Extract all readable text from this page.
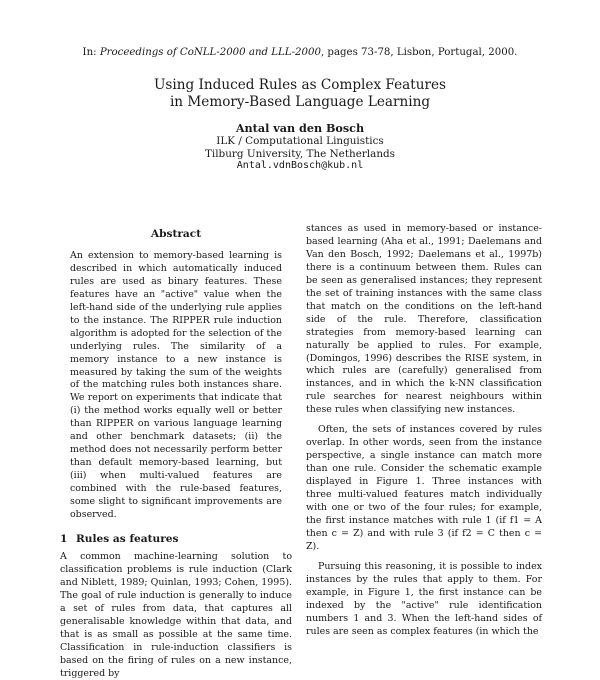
In: Proceedings of CoNLL-2000 and LLL-2000, pages 73-78, Lisbon, Portugal, 2000.
Using Induced Rules as Complex Features
in Memory-Based Language Learning
Antal van den Bosch
ILK / Computational Linguistics
Tilburg University, The Netherlands
Antal.vdnBosch@kub.nl
Abstract

An extension to memory-based learning is described in which automatically induced rules are used as binary features. These features have an "active" value when the left-hand side of the underlying rule applies to the instance. The RIPPER rule induction algorithm is adopted for the selection of the underlying rules. The similarity of a memory instance to a new instance is measured by taking the sum of the weights of the matching rules both instances share. We report on experiments that indicate that (i) the method works equally well or better than RIPPER on various language learning and other benchmark datasets; (ii) the method does not necessarily perform better than default memory-based learning, but (iii) when multi-valued features are combined with the rule-based features, some slight to significant improvements are observed.

1 Rules as features

A common machine-learning solution to classification problems is rule induction (Clark and Niblett, 1989; Quinlan, 1993; Cohen, 1995). The goal of rule induction is generally to induce a set of rules from data, that captures all generalisable knowledge within that data, and that is as small as possible at the same time. Classification in rule-induction classifiers is based on the firing of rules on a new instance, triggered by

stances as used in memory-based or instance-based learning (Aha et al., 1991; Daelemans and Van den Bosch, 1992; Daelemans et al., 1997b) there is a continuum between them. Rules can be seen as generalised instances; they represent the set of training instances with the same class that match on the conditions on the left-hand side of the rule. Therefore, classification strategies from memory-based learning can naturally be applied to rules. For example, (Domingos, 1996) describes the RISE system, in which rules are (carefully) generalised from instances, and in which the k-NN classification rule searches for nearest neighbours within these rules when classifying new instances.

Often, the sets of instances covered by rules overlap. In other words, seen from the instance perspective, a single instance can match more than one rule. Consider the schematic example displayed in Figure 1. Three instances with three multi-valued features match individually with one or two of the four rules; for example, the first instance matches with rule 1 (if f1 = A then c = Z) and with rule 3 (if f2 = C then c = Z).

Pursuing this reasoning, it is possible to index instances by the rules that apply to them. For example, in Figure 1, the first instance can be indexed by the "active" rule identification numbers 1 and 3. When the left-hand sides of rules are seen as complex features (in which the
